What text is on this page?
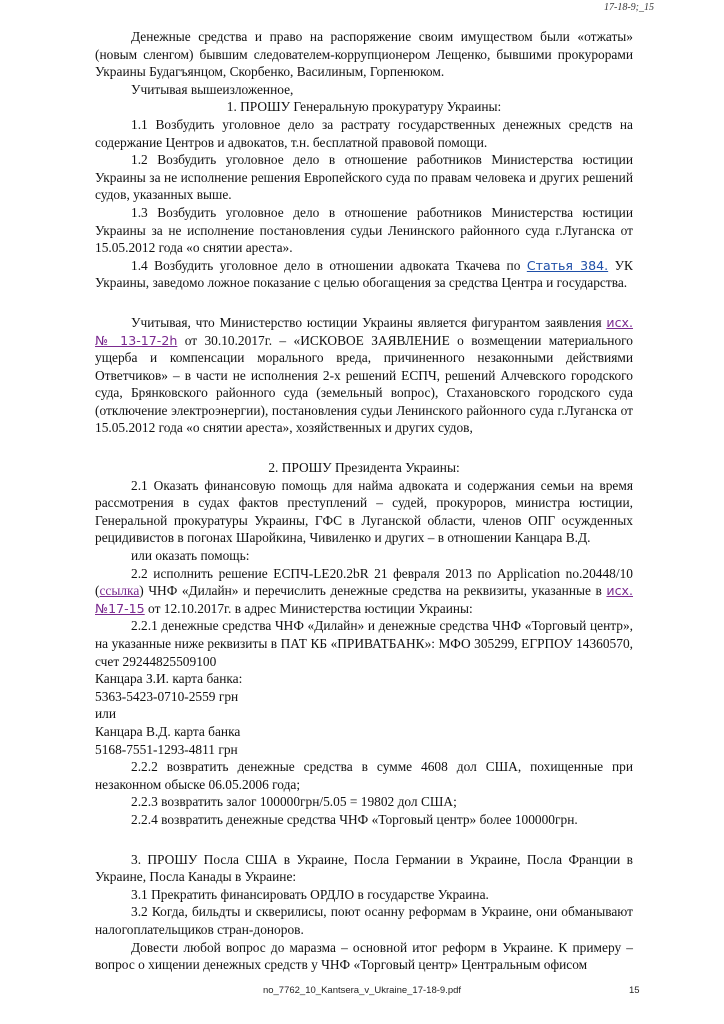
17-18-9;_15

Денежные средства и право на распоряжение своим имуществом были «отжаты» (новым сленгом) бывшим следователем-коррупционером Лещенко, бывшими прокурорами Украины Будагъянцом, Скорбенко, Василиным, Горпенюком.

Учитывая вышеизложенное,

1. ПРОШУ Генеральную прокуратуру Украины:

1.1 Возбудить уголовное дело за растрату государственных денежных средств на содержание Центров и адвокатов, т.н. бесплатной правовой помощи.

1.2 Возбудить уголовное дело в отношение работников Министерства юстиции Украины за не исполнение решения Европейского суда по правам человека и других решений судов, указанных выше.

1.3 Возбудить уголовное дело в отношение работников Министерства юстиции Украины за не исполнение постановления судьи Ленинского районного суда г.Луганска от 15.05.2012 года «о снятии ареста».

1.4 Возбудить уголовное дело в отношении адвоката Ткачева по Статья 384. УК Украины, заведомо ложное показание с целью обогащения за средства Центра и государства.

Учитывая, что Министерство юстиции Украины является фигурантом заявления исх. № 13-17-2h от 30.10.2017г. – «ИСКОВОЕ ЗАЯВЛЕНИЕ о возмещении материального ущерба и компенсации морального вреда, причиненного незаконными действиями Ответчиков» – в части не исполнения 2-х решений ЕСПЧ, решений Алчевского городского суда, Брянковского районного суда (земельный вопрос), Стахановского городского суда (отключение электроэнергии), постановления судьи Ленинского районного суда г.Луганска от 15.05.2012 года «о снятии ареста», хозяйственных и других судов,

2. ПРОШУ Президента Украины:

2.1 Оказать финансовую помощь для найма адвоката и содержания семьи на время рассмотрения в судах фактов преступлений – судей, прокуроров, министра юстиции, Генеральной прокуратуры Украины, ГФС в Луганской области, членов ОПГ осужденных рецидивистов в погонах Шаройкина, Чивиленко и других – в отношении Канцара В.Д.

или оказать помощь:

2.2 исполнить решение ЕСПЧ-LE20.2bR 21 февраля 2013 по Application no.20448/10 (ссылка) ЧНФ «Дилайн» и перечислить денежные средства на реквизиты, указанные в исх.№17-15 от 12.10.2017г. в адрес Министерства юстиции Украины:

2.2.1 денежные средства ЧНФ «Дилайн» и денежные средства ЧНФ «Торговый центр», на указанные ниже реквизиты в ПАТ КБ «ПРИВАТБАНК»: МФО 305299, ЕГРПОУ 14360570, счет 29244825509100

Канцара З.И. карта банка:

5363-5423-0710-2559 грн

или

Канцара В.Д. карта банка

5168-7551-1293-4811 грн

2.2.2 возвратить денежные средства в сумме 4608 дол США, похищенные при незаконном обыске 06.05.2006 года;

2.2.3 возвратить залог 100000грн/5.05 = 19802 дол США;

2.2.4 возвратить денежные средства ЧНФ «Торговый центр» более 100000грн.

3. ПРОШУ Посла США в Украине, Посла Германии в Украине, Посла Франции в Украине, Посла Канады в Украине:

3.1 Прекратить финансировать ОРДЛО в государстве Украина.

3.2 Когда, бильдты и скверилисы, поют осанну реформам в Украине, они обманывают налогоплательщиков стран-доноров.

Довести любой вопрос до маразма – основной итог реформ в Украине. К примеру – вопрос о хищении денежных средств у ЧНФ «Торговый центр» Центральным офисом

no_7762_10_Kantsera_v_Ukraine_17-18-9.pdf	15
